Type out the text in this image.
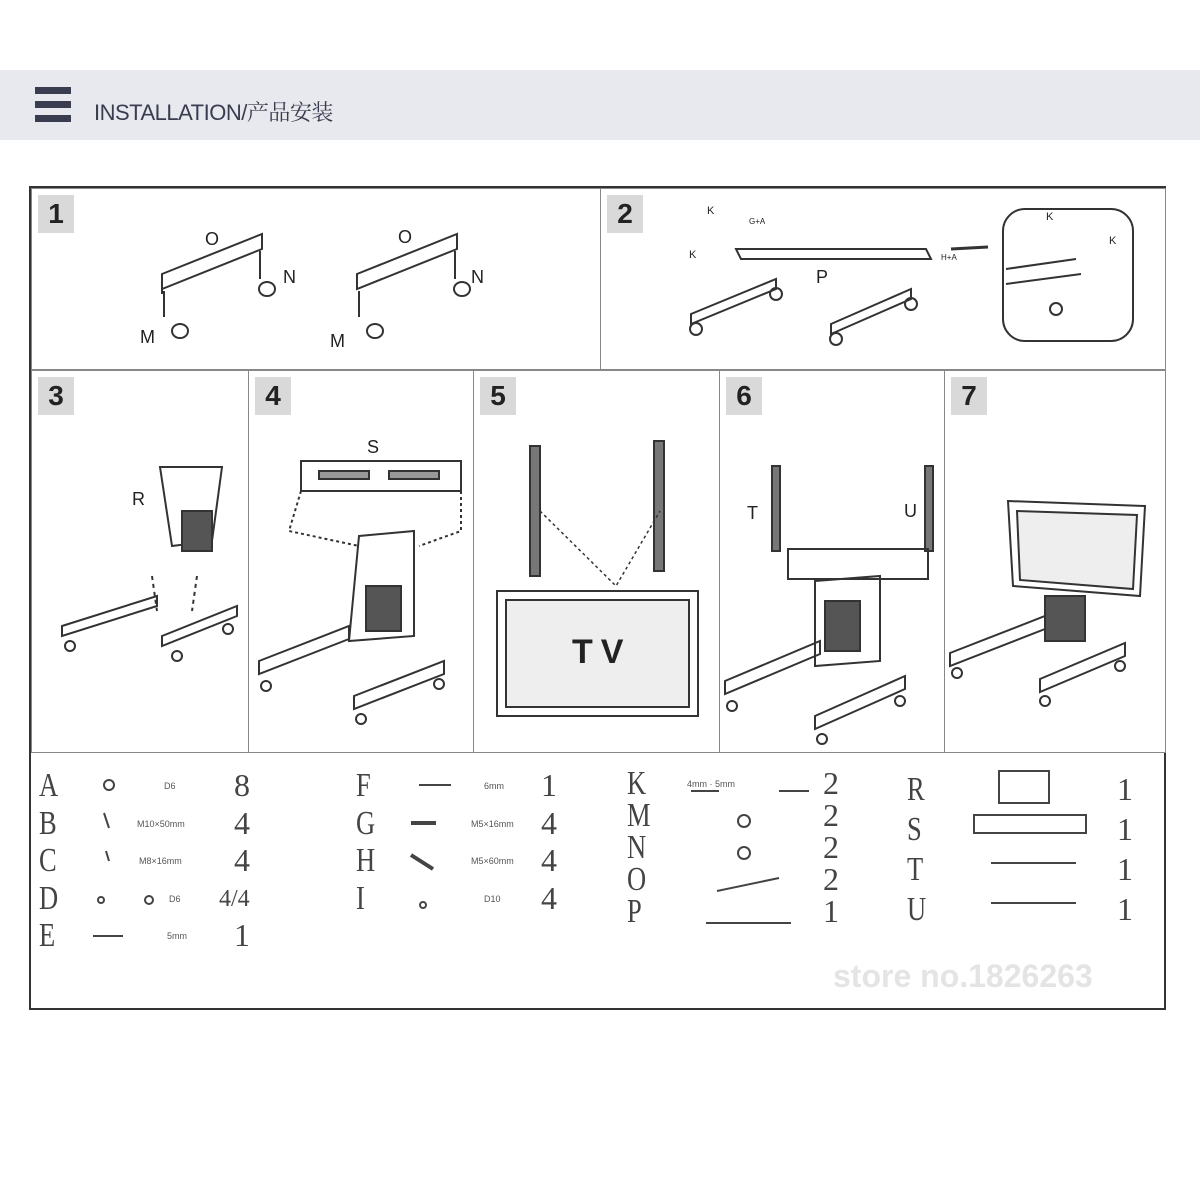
INSTALLATION/产品安装
1
O
N
M
O
N
M
2	K
K
P
K
K
G+A
H+A
3
R
4
S
5
TV
6
T	U
7
A	D6 8
B	M10×50mm 4
C	M8×16mm 4
D	D6 4/4
E	5mm 1
F	6mm 1
G	M5×16mm 4
H	M5×60mm 4
I	D10 4
K	4mm · 5mm	2
M	2
N	2
O	2
P	1
R	1
S	1
T	1
U	1
store no.1826263
